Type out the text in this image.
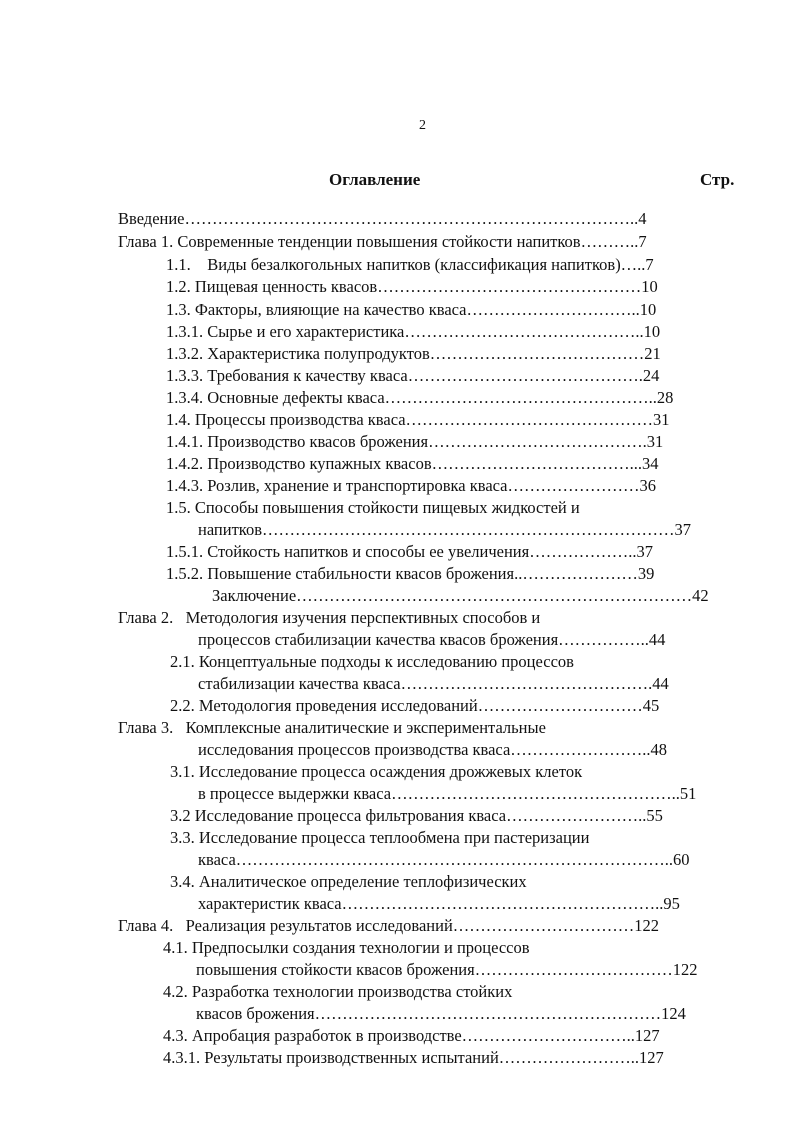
2
Оглавление	Стр.
Введение………………………………………………………………………..4
Глава 1. Современные тенденции повышения стойкости напитков………..7
1.1.    Виды безалкогольных напитков (классификация напитков)…..7
1.2. Пищевая ценность квасов…………………………………………10
1.3. Факторы, влияющие на качество кваса…………………………..10
1.3.1. Сырье и его характеристика……………………………………..10
1.3.2. Характеристика полупродуктов…………………………………21
1.3.3. Требования к качеству кваса…………………………………….24
1.3.4. Основные дефекты кваса…………………………………………..28
1.4. Процессы производства кваса………………………………………31
1.4.1. Производство квасов брожения………………………………….31
1.4.2. Производство купажных квасов………………………………...34
1.4.3. Розлив, хранение и транспортировка кваса……………………36
1.5. Способы повышения стойкости пищевых жидкостей и
напитков…………………………………………………………………37
1.5.1. Стойкость напитков и способы ее увеличения………………..37
1.5.2. Повышение стабильности квасов брожения..…………………39
Заключение………………………………………………………………42
Глава 2.   Методология изучения перспективных способов и
процессов стабилизации качества квасов брожения……………..44
2.1. Концептуальные подходы к исследованию процессов
стабилизации качества кваса……………………………………….44
2.2. Методология проведения исследований…………………………45
Глава 3.   Комплексные аналитические и экспериментальные
исследования процессов производства кваса……………………..48
3.1. Исследование процесса осаждения дрожжевых клеток
в процессе выдержки кваса……………………………………………..51
3.2 Исследование процесса фильтрования кваса……………………..55
3.3. Исследование процесса теплообмена при пастеризации
кваса……………………………………………………………………..60
3.4. Аналитическое определение теплофизических
характеристик кваса…………………………………………………..95
Глава 4.   Реализация результатов исследований……………………………122
4.1. Предпосылки создания технологии и процессов
повышения стойкости квасов брожения………………………………122
4.2. Разработка технологии производства стойких
квасов брожения………………………………………………………124
4.3. Апробация разработок в производстве…………………………..127
4.3.1. Результаты производственных испытаний……………………..127
